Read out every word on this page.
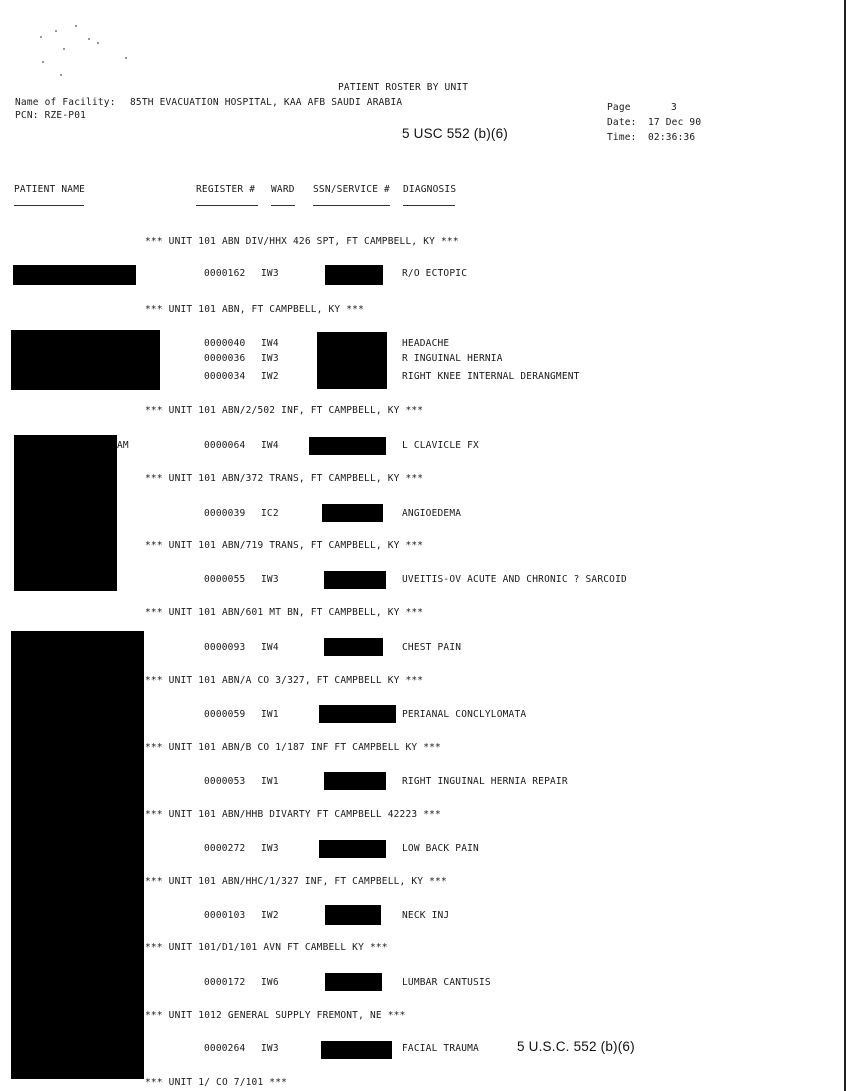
PATIENT ROSTER BY UNIT
Name of Facility: 85TH EVACUATION HOSPITAL, KAA AFB SAUDI ARABIA
PCN: RZE-P01
Page	3
Date: 17 Dec 90
Time: 02:36:36
5 USC 552 (b)(6)
PATIENT NAME	REGISTER # WARD SSN/SERVICE # DIAGNOSIS
*** UNIT 101 ABN DIV/HHX 426 SPT, FT CAMPBELL, KY ***
0000162 IW3	R/O ECTOPIC
*** UNIT 101 ABN, FT CAMPBELL, KY ***
0000040 IW4	HEADACHE
0000036 IW3	R INGUINAL HERNIA
0000034 IW2	RIGHT KNEE INTERNAL DERANGMENT
*** UNIT 101 ABN/2/502 INF, FT CAMPBELL, KY ***
0000064 IW4	L CLAVICLE FX
*** UNIT 101 ABN/372 TRANS, FT CAMPBELL, KY ***
0000039 IC2	ANGIOEDEMA
*** UNIT 101 ABN/719 TRANS, FT CAMPBELL, KY ***
0000055 IW3	UVEITIS-OV ACUTE AND CHRONIC ? SARCOID
*** UNIT 101 ABN/601 MT BN, FT CAMPBELL, KY ***
0000093 IW4	CHEST PAIN
*** UNIT 101 ABN/A CO 3/327, FT CAMPBELL KY ***
0000059 IW1	PERIANAL CONCLYLOMATA
*** UNIT 101 ABN/B CO 1/187 INF FT CAMPBELL KY ***
0000053 IW1	RIGHT INGUINAL HERNIA REPAIR
*** UNIT 101 ABN/HHB DIVARTY FT CAMPBELL 42223 ***
0000272 IW3	LOW BACK PAIN
*** UNIT 101 ABN/HHC/1/327 INF, FT CAMPBELL, KY ***
0000103 IW2	NECK INJ
*** UNIT 101/D1/101 AVN FT CAMBELL KY ***
0000172 IW6	LUMBAR CANTUSIS
*** UNIT 1012 GENERAL SUPPLY FREMONT, NE ***
0000264 IW3	FACIAL TRAUMA
*** UNIT 1/ CO 7/101 ***
5 U.S.C. 552 (b)(6)
AM
